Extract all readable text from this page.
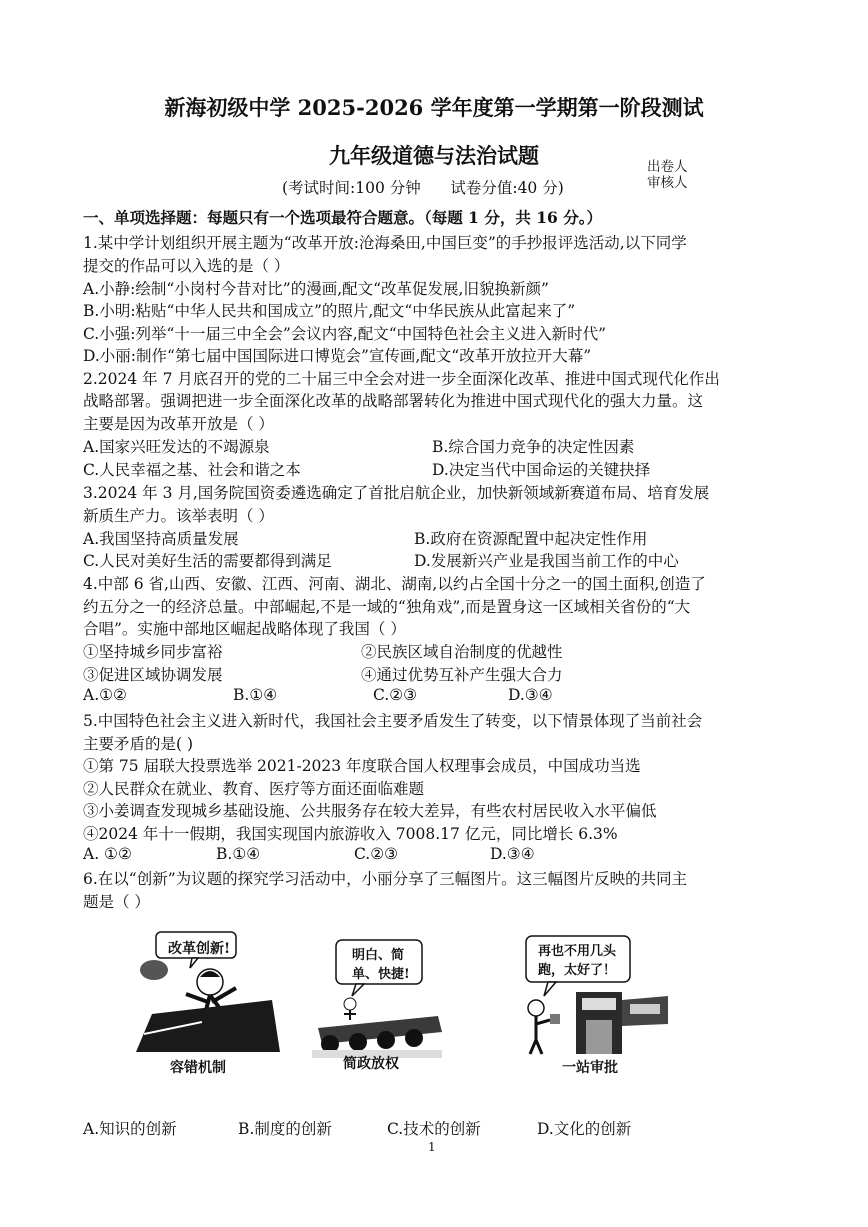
新海初级中学 2025-2026 学年度第一学期第一阶段测试
九年级道德与法治试题	出卷人
审核人
(考试时间:100 分钟      试卷分值:40 分)
一、单项选择题：每题只有一个选项最符合题意。（每题 1 分，共 16 分。）
1.某中学计划组织开展主题为“改革开放:沧海桑田,中国巨变”的手抄报评选活动,以下同学
提交的作品可以入选的是（ ）
A.小静:绘制“小岗村今昔对比”的漫画,配文“改革促发展,旧貌换新颜”
B.小明:粘贴“中华人民共和国成立”的照片,配文“中华民族从此富起来了”
C.小强:列举“十一届三中全会”会议内容,配文“中国特色社会主义进入新时代”
D.小丽:制作“第七届中国国际进口博览会”宣传画,配文“改革开放拉开大幕”
2.2024 年 7 月底召开的党的二十届三中全会对进一步全面深化改革、推进中国式现代化作出
战略部署。强调把进一步全面深化改革的战略部署转化为推进中国式现代化的强大力量。这
主要是因为改革开放是（ ）
A.国家兴旺发达的不竭源泉	B.综合国力竞争的决定性因素
C.人民幸福之基、社会和谐之本	D.决定当代中国命运的关键抉择
3.2024 年 3 月,国务院国资委遴选确定了首批启航企业，加快新领域新赛道布局、培育发展
新质生产力。该举表明（ ）
A.我国坚持高质量发展	B.政府在资源配置中起决定性作用
C.人民对美好生活的需要都得到满足	D.发展新兴产业是我国当前工作的中心
4.中部 6 省,山西、安徽、江西、河南、湖北、湖南,以约占全国十分之一的国土面积,创造了
约五分之一的经济总量。中部崛起,不是一域的“独角戏”,而是置身这一区域相关省份的“大
合唱”。实施中部地区崛起战略体现了我国（ ）
①坚持城乡同步富裕	②民族区域自治制度的优越性
③促进区域协调发展	④通过优势互补产生强大合力
A.①②	B.①④	C.②③	D.③④
5.中国特色社会主义进入新时代，我国社会主要矛盾发生了转变，以下情景体现了当前社会
主要矛盾的是( )
①第 75 届联大投票选举 2021-2023 年度联合国人权理事会成员，中国成功当选
②人民群众在就业、教育、医疗等方面还面临难题
③小姜调查发现城乡基础设施、公共服务存在较大差异，有些农村居民收入水平偏低
④2024 年十一假期，我国实现国内旅游收入 7008.17 亿元，同比增长 6.3%
A. ①②	B.①④	C.②③	D.③④
6.在以“创新”为议题的探究学习活动中，小丽分享了三幅图片。这三幅图片反映的共同主
题是（ ）
改革创新!
容错机制
明白、简
单、快捷!
简政放权
再也不用几头
跑，太好了！
一站审批
A.知识的创新	B.制度的创新	C.技术的创新	D.文化的创新
1
